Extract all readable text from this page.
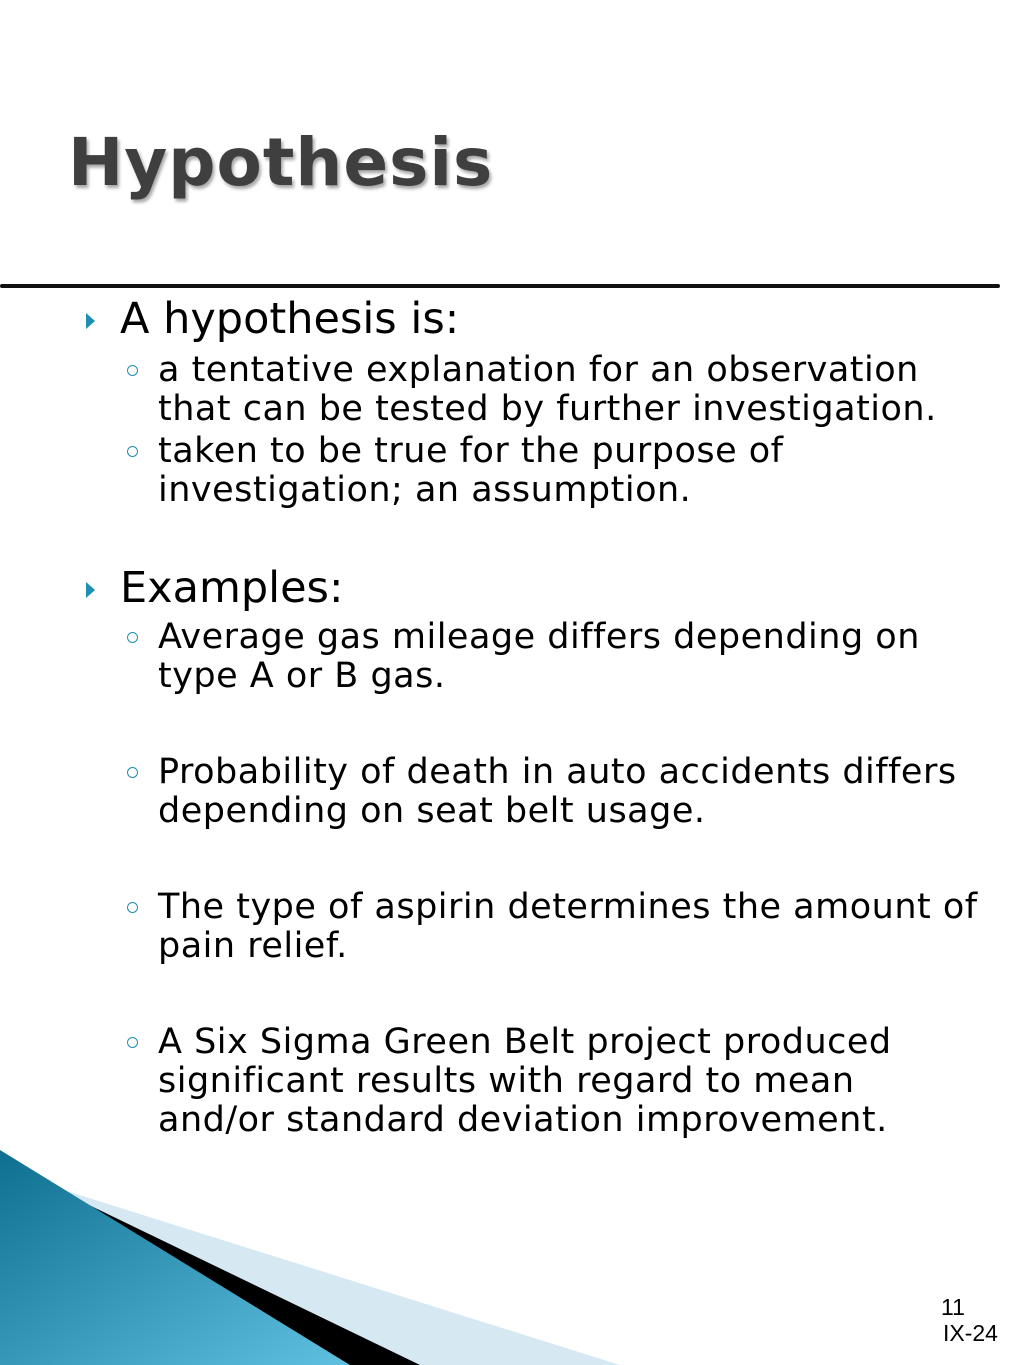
Hypothesis
A hypothesis is:
a tentative explanation for an observation that can be tested by further investigation.
taken to be true for the purpose of investigation; an assumption.
Examples:
Average gas mileage differs depending on type A or B gas.
Probability of death in auto accidents differs depending on seat belt usage.
The type of aspirin determines the amount of pain relief.
A Six Sigma Green Belt project produced significant results with regard to mean and/or standard deviation improvement.
11
IX-24
